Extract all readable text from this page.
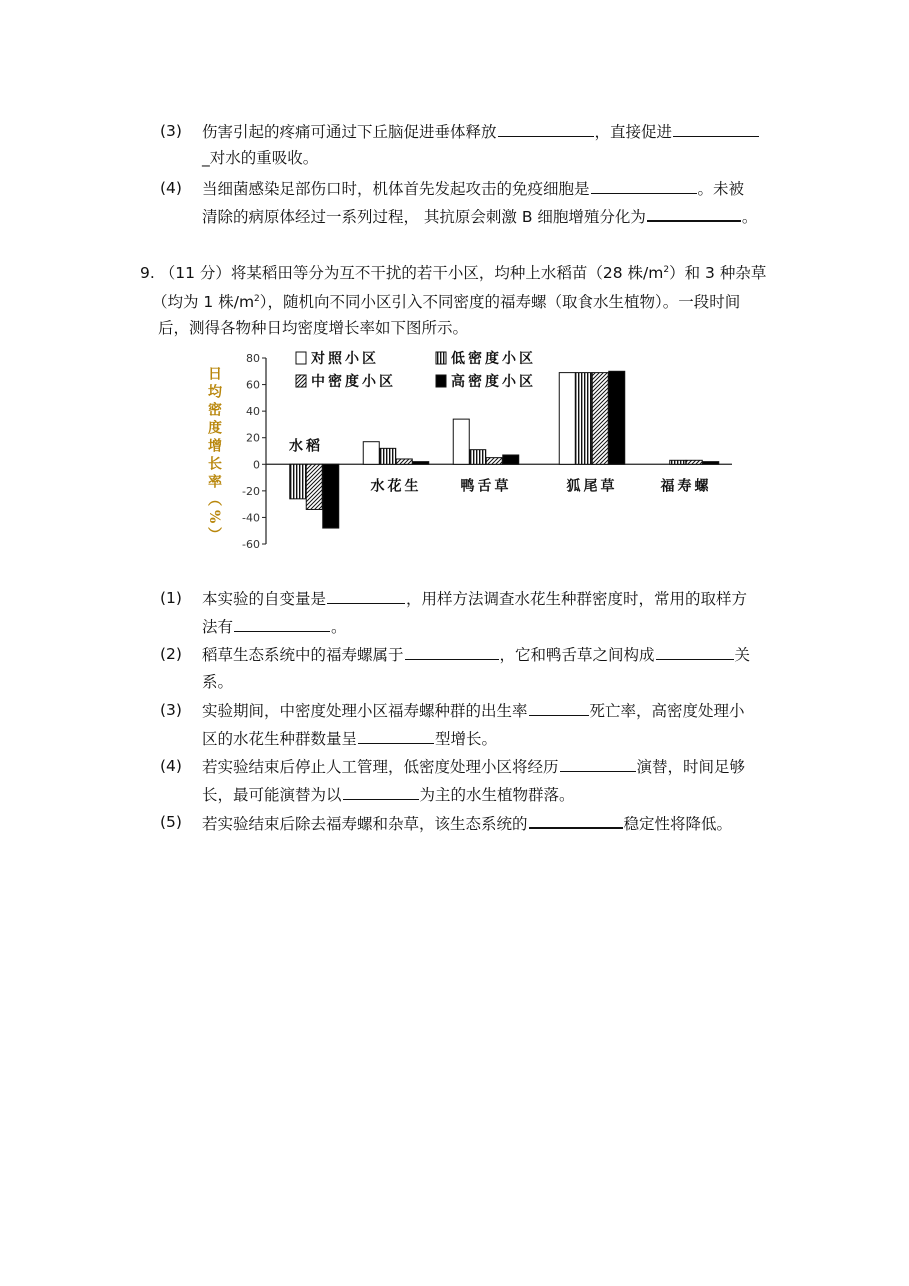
(3) 伤害引起的疼痛可通过下丘脑促进垂体释放	，直接促进
_对水的重吸收。
(4) 当细菌感染足部伤口时，机体首先发起攻击的免疫细胞是	。未被
清除的病原体经过一系列过程， 其抗原会刺激 B 细胞增殖分化为	。
9. （11 分）将某稻田等分为互不干扰的若干小区，均种上水稻苗（28 株$/m^2$）和 3 种杂草
（均为 1 株$/m^2$），随机向不同小区引入不同密度的福寿螺（取食水生植物）。一段时间
后，测得各物种日均密度增长率如下图所示。
日均密度增长率（%）
80
60
40
20
0
-20
-40
-60
水稻
水花生	鸭舌草	狐尾草	福寿螺
对照小区	低密度小区
中密度小区	高密度小区
(1) 本实验的自变量是	，用样方法调查水花生种群密度时，常用的取样方
法有	。
(2) 稻草生态系统中的福寿螺属于	，它和鸭舌草之间构成	关
系。
(3) 实验期间，中密度处理小区福寿螺种群的出生率	死亡率，高密度处理小
区的水花生种群数量呈	型增长。
(4) 若实验结束后停止人工管理，低密度处理小区将经历	演替，时间足够
长，最可能演替为以	为主的水生植物群落。
(5) 若实验结束后除去福寿螺和杂草，该生态系统的	稳定性将降低。
